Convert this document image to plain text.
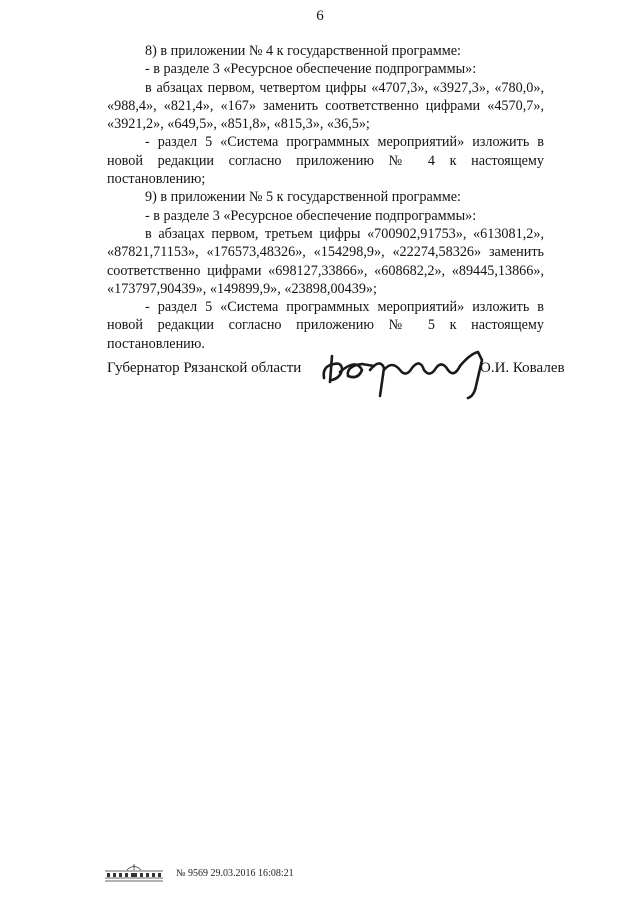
6

8) в приложении № 4 к государственной программе:

- в разделе 3 «Ресурсное обеспечение подпрограммы»:

в абзацах первом, четвертом цифры «4707,3», «3927,3», «780,0», «988,4», «821,4», «167» заменить соответственно цифрами «4570,7», «3921,2», «649,5», «851,8», «815,3», «36,5»;

- раздел 5 «Система программных мероприятий» изложить в новой редакции согласно приложению № 4 к настоящему постановлению;

9) в приложении № 5 к государственной программе:

- в разделе 3 «Ресурсное обеспечение подпрограммы»:

в абзацах первом, третьем цифры «700902,91753», «613081,2», «87821,71153», «176573,48326», «154298,9», «22274,58326» заменить соответственно цифрами «698127,33866», «608682,2», «89445,13866», «173797,90439», «149899,9», «23898,00439»;

- раздел 5 «Система программных мероприятий» изложить в новой редакции согласно приложению № 5 к настоящему постановлению.

Губернатор Рязанской области	О.И. Ковалев
№ 9569 29.03.2016 16:08:21
